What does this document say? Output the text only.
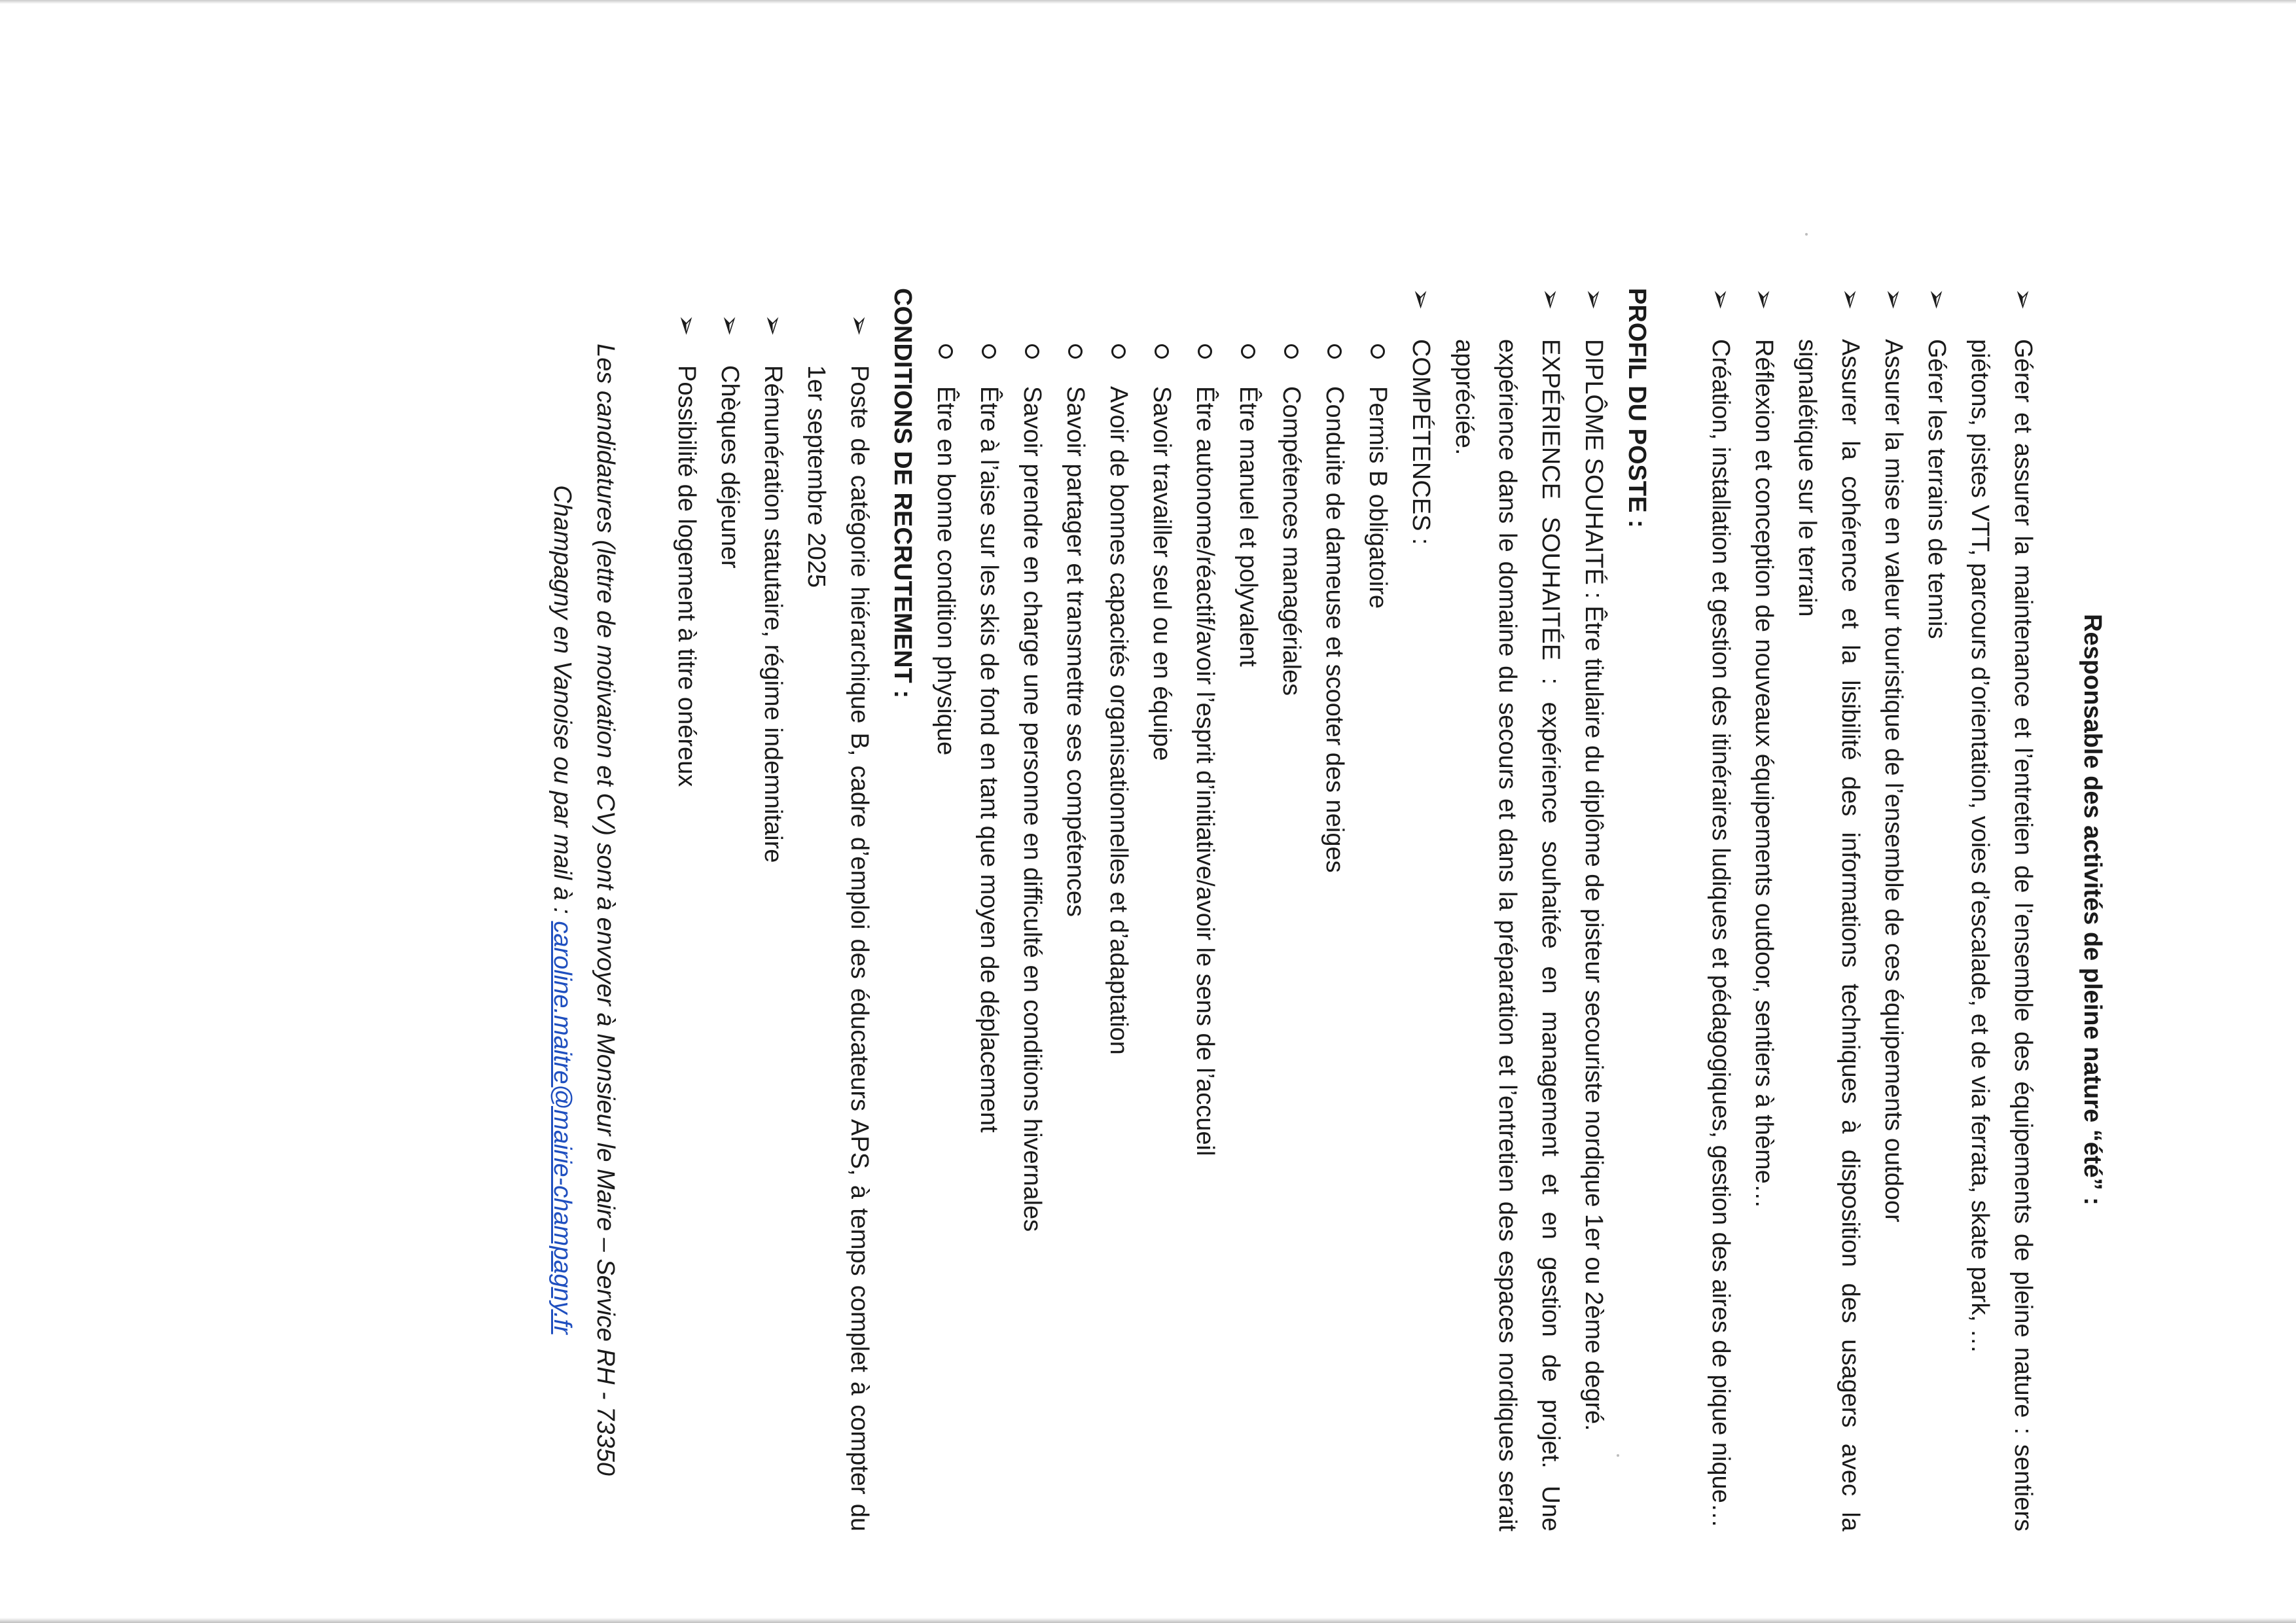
Responsable des activités de pleine nature “été” :

➢
Gérer et assurer la maintenance et l’entretien de l’ensemble des équipements de pleine nature : sentiers piétons, pistes VTT, parcours d’orientation, voies d’escalade, et de via ferrata, skate park, …
➢
Gérer les terrains de tennis
➢
Assurer la mise en valeur touristique de l’ensemble de ces équipements outdoor
➢
Assurer la cohérence et la lisibilité des informations techniques à disposition des usagers avec la signalétique sur le terrain
➢
Réflexion et conception de nouveaux équipements outdoor, sentiers à thème…
➢
Création, installation et gestion des itinéraires ludiques et pédagogiques, gestion des aires de pique nique…

PROFIL DU POSTE :

➢
DIPLÔME SOUHAITÉ : Être titulaire du diplôme de pisteur secouriste nordique 1er ou 2ème degré.
➢
EXPÉRIENCE SOUHAITÉE : expérience souhaitée en management et en gestion de projet. Une expérience dans le domaine du secours et dans la préparation et l’entretien des espaces nordiques serait appréciée.
➢
COMPÉTENCES :
Permis B obligatoire
Conduite de dameuse et scooter des neiges
Compétences managériales
Être manuel et polyvalent
Être autonome/réactif/avoir l’esprit d’initiative/avoir le sens de l’accueil
Savoir travailler seul ou en équipe
Avoir de bonnes capacités organisationnelles et d’adaptation
Savoir partager et transmettre ses compétences
Savoir prendre en charge une personne en difficulté en conditions hivernales
Être à l’aise sur les skis de fond en tant que moyen de déplacement
Être en bonne condition physique

CONDITIONS DE RECRUTEMENT :

➢
Poste de catégorie hiérarchique B, cadre d’emploi des éducateurs APS, à temps complet à compter du 1er septembre 2025
➢
Rémunération statutaire, régime indemnitaire
➢
Chèques déjeuner
➢
Possibilité de logement à titre onéreux

Les candidatures (lettre de motivation et CV) sont à envoyer à Monsieur le Maire – Service RH - 73350 Champagny en Vanoise ou par mail à : caroline.maitre@mairie-champagny.fr
